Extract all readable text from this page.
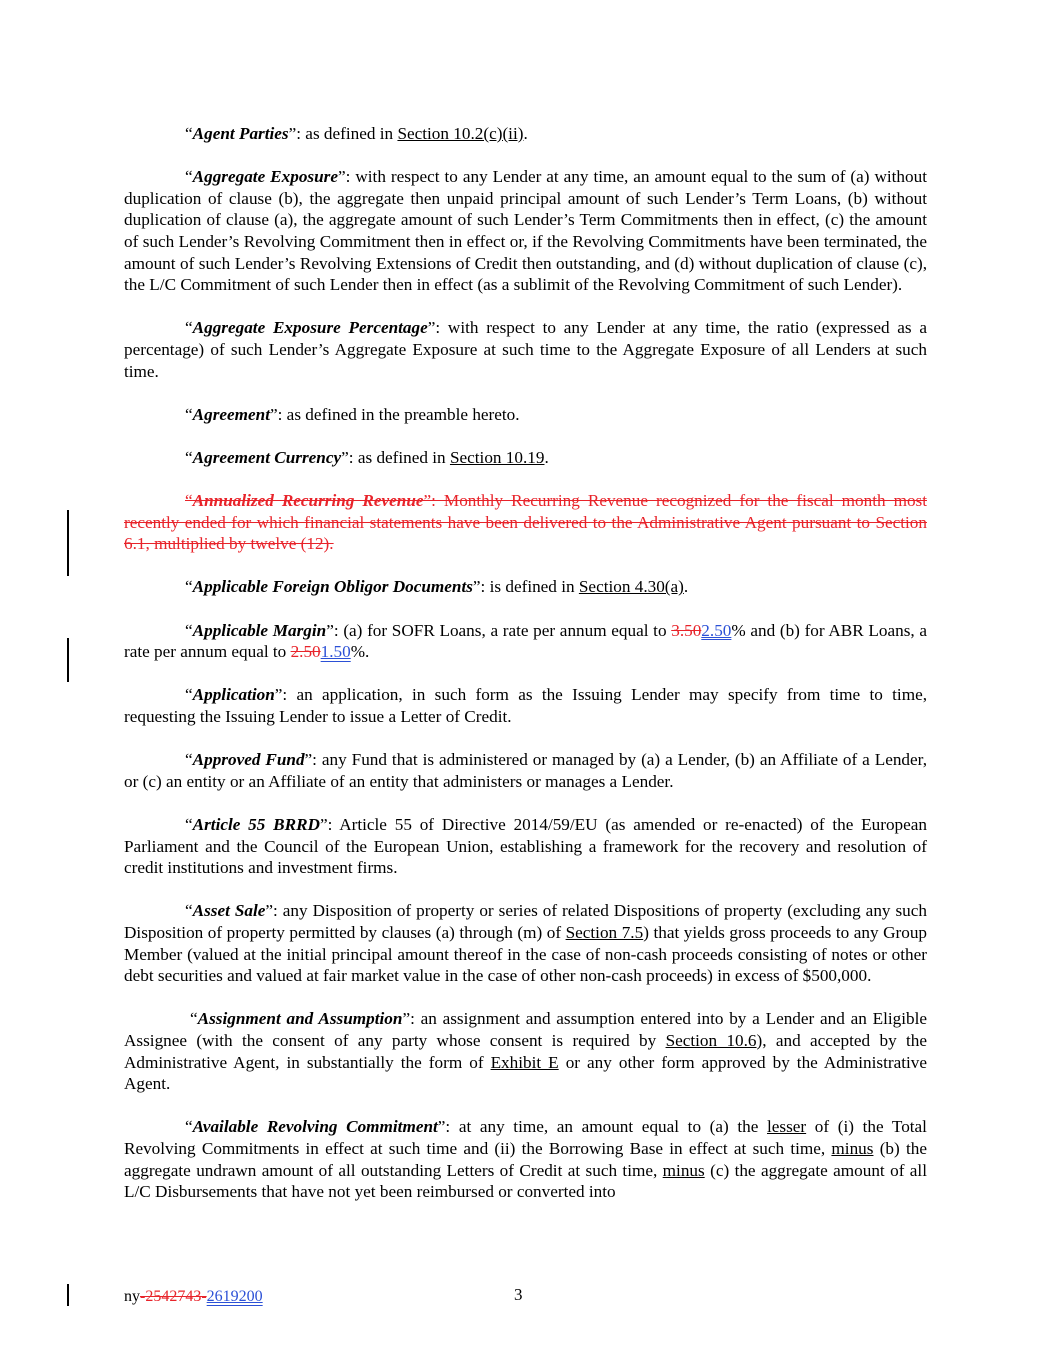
“Agent Parties”: as defined in Section 10.2(c)(ii).

“Aggregate Exposure”: with respect to any Lender at any time, an amount equal to the sum of (a) without duplication of clause (b), the aggregate then unpaid principal amount of such Lender’s Term Loans, (b) without duplication of clause (a), the aggregate amount of such Lender’s Term Commitments then in effect, (c) the amount of such Lender’s Revolving Commitment then in effect or, if the Revolving Commitments have been terminated, the amount of such Lender’s Revolving Extensions of Credit then outstanding, and (d) without duplication of clause (c), the L/C Commitment of such Lender then in effect (as a sublimit of the Revolving Commitment of such Lender).

“Aggregate Exposure Percentage”: with respect to any Lender at any time, the ratio (expressed as a percentage) of such Lender’s Aggregate Exposure at such time to the Aggregate Exposure of all Lenders at such time.

“Agreement”: as defined in the preamble hereto.

“Agreement Currency”: as defined in Section 10.19.

“Annualized Recurring Revenue”: Monthly Recurring Revenue recognized for the fiscal month most recently ended for which financial statements have been delivered to the Administrative Agent pursuant to Section 6.1, multiplied by twelve (12).

“Applicable Foreign Obligor Documents”: is defined in Section 4.30(a).

“Applicable Margin”: (a) for SOFR Loans, a rate per annum equal to 3.502.50% and (b) for ABR Loans, a rate per annum equal to 2.501.50%.

“Application”: an application, in such form as the Issuing Lender may specify from time to time, requesting the Issuing Lender to issue a Letter of Credit.

“Approved Fund”: any Fund that is administered or managed by (a) a Lender, (b) an Affiliate of a Lender, or (c) an entity or an Affiliate of an entity that administers or manages a Lender.

“Article 55 BRRD”: Article 55 of Directive 2014/59/EU (as amended or re-enacted) of the European Parliament and the Council of the European Union, establishing a framework for the recovery and resolution of credit institutions and investment firms.

“Asset Sale”: any Disposition of property or series of related Dispositions of property (excluding any such Disposition of property permitted by clauses (a) through (m) of Section 7.5) that yields gross proceeds to any Group Member (valued at the initial principal amount thereof in the case of non-cash proceeds consisting of notes or other debt securities and valued at fair market value in the case of other non-cash proceeds) in excess of $500,000.

“Assignment and Assumption”: an assignment and assumption entered into by a Lender and an Eligible Assignee (with the consent of any party whose consent is required by Section 10.6), and accepted by the Administrative Agent, in substantially the form of Exhibit E or any other form approved by the Administrative Agent.

“Available Revolving Commitment”: at any time, an amount equal to (a) the lesser of (i) the Total Revolving Commitments in effect at such time and (ii) the Borrowing Base in effect at such time, minus (b) the aggregate undrawn amount of all outstanding Letters of Credit at such time, minus (c) the aggregate amount of all L/C Disbursements that have not yet been reimbursed or converted into

ny-2542743-2619200	3
